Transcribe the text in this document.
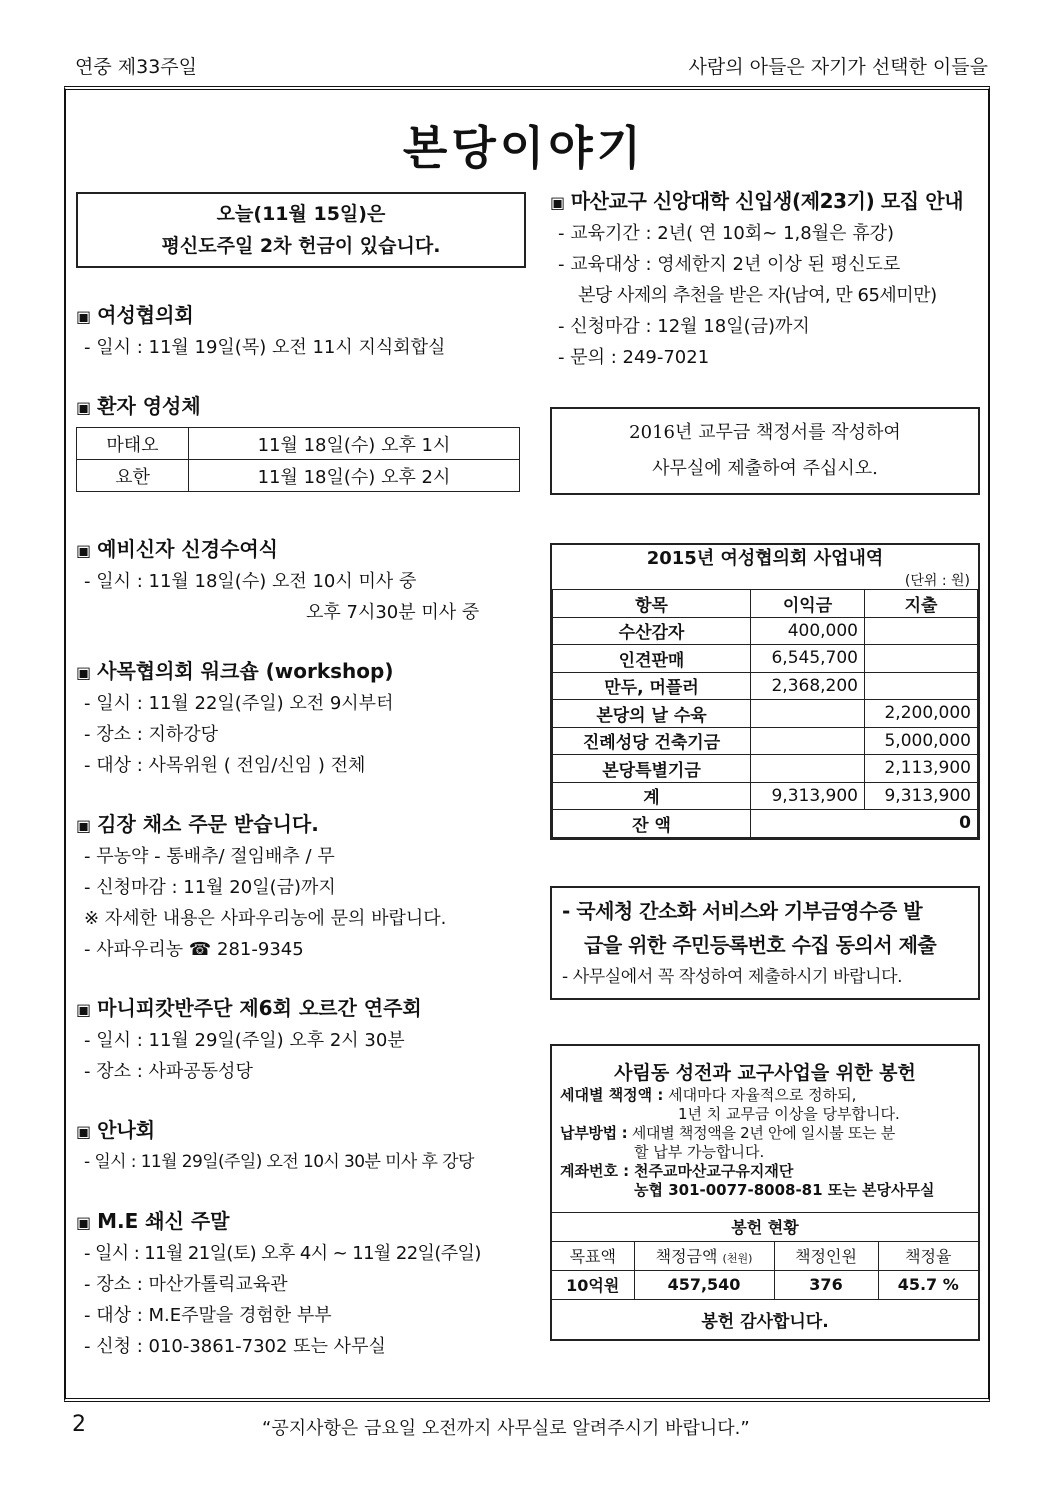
연중 제33주일	사람의 아들은 자기가 선택한 이들을
본당이야기
오늘(11월 15일)은
평신도주일 2차 헌금이 있습니다.
▣ 여성협의회
- 일시 : 11월 19일(목) 오전 11시 지식회합실
▣ 환자 영성체
마태오	11월 18일(수) 오후 1시
요한	11월 18일(수) 오후 2시
▣ 예비신자 신경수여식
- 일시 : 11월 18일(수) 오전 10시 미사 중
오후 7시30분 미사 중
▣ 사목협의회 워크숍 (workshop)
- 일시 : 11월 22일(주일) 오전 9시부터
- 장소 : 지하강당
- 대상 : 사목위원 ( 전임/신임 ) 전체
▣ 김장 채소 주문 받습니다.
- 무농약 - 통배추/ 절임배추 / 무
- 신청마감 : 11월 20일(금)까지
※ 자세한 내용은 사파우리농에 문의 바랍니다.
- 사파우리농 ☎ 281-9345
▣ 마니피캇반주단 제6회 오르간 연주회
- 일시 : 11월 29일(주일) 오후 2시 30분
- 장소 : 사파공동성당
▣ 안나회
- 일시 : 11월 29일(주일) 오전 10시 30분 미사 후 강당
▣ M.E 쇄신 주말
- 일시 : 11월 21일(토) 오후 4시 ~ 11월 22일(주일)
- 장소 : 마산가톨릭교육관
- 대상 : M.E주말을 경험한 부부
- 신청 : 010-3861-7302 또는 사무실
▣ 마산교구 신앙대학 신입생(제23기) 모집 안내
- 교육기간 : 2년( 연 10회~ 1,8월은 휴강)
- 교육대상 : 영세한지 2년 이상 된 평신도로
본당 사제의 추천을 받은 자(남여, 만 65세미만)
- 신청마감 : 12월 18일(금)까지
- 문의 : 249-7021
2016년 교무금 책정서를 작성하여
사무실에 제출하여 주십시오.
2015년 여성협의회 사업내역
(단위 : 원)
항목	이익금	지출
수산감자	400,000	
인견판매	6,545,700	
만두, 머플러	2,368,200	
본당의 날 수육		2,200,000
진례성당 건축기금		5,000,000
본당특별기금		2,113,900
계	9,313,900	9,313,900
잔 액	0	
- 국세청 간소화 서비스와 기부금영수증 발
급을 위한 주민등록번호 수집 동의서 제출
- 사무실에서 꼭 작성하여 제출하시기 바랍니다.
사림동 성전과 교구사업을 위한 봉헌
세대별 책정액 : 세대마다 자율적으로 정하되,
1년 치 교무금 이상을 당부합니다.
납부방법 : 세대별 책정액을 2년 안에 일시불 또는 분
할 납부 가능합니다.
계좌번호 : 천주교마산교구유지재단
농협 301-0077-8008-81 또는 본당사무실
봉헌 현황			
목표액	책정금액 (천원)	책정인원	책정율
10억원	457,540	376	45.7 %
봉헌 감사합니다.			
2	“공지사항은 금요일 오전까지 사무실로 알려주시기 바랍니다.”
